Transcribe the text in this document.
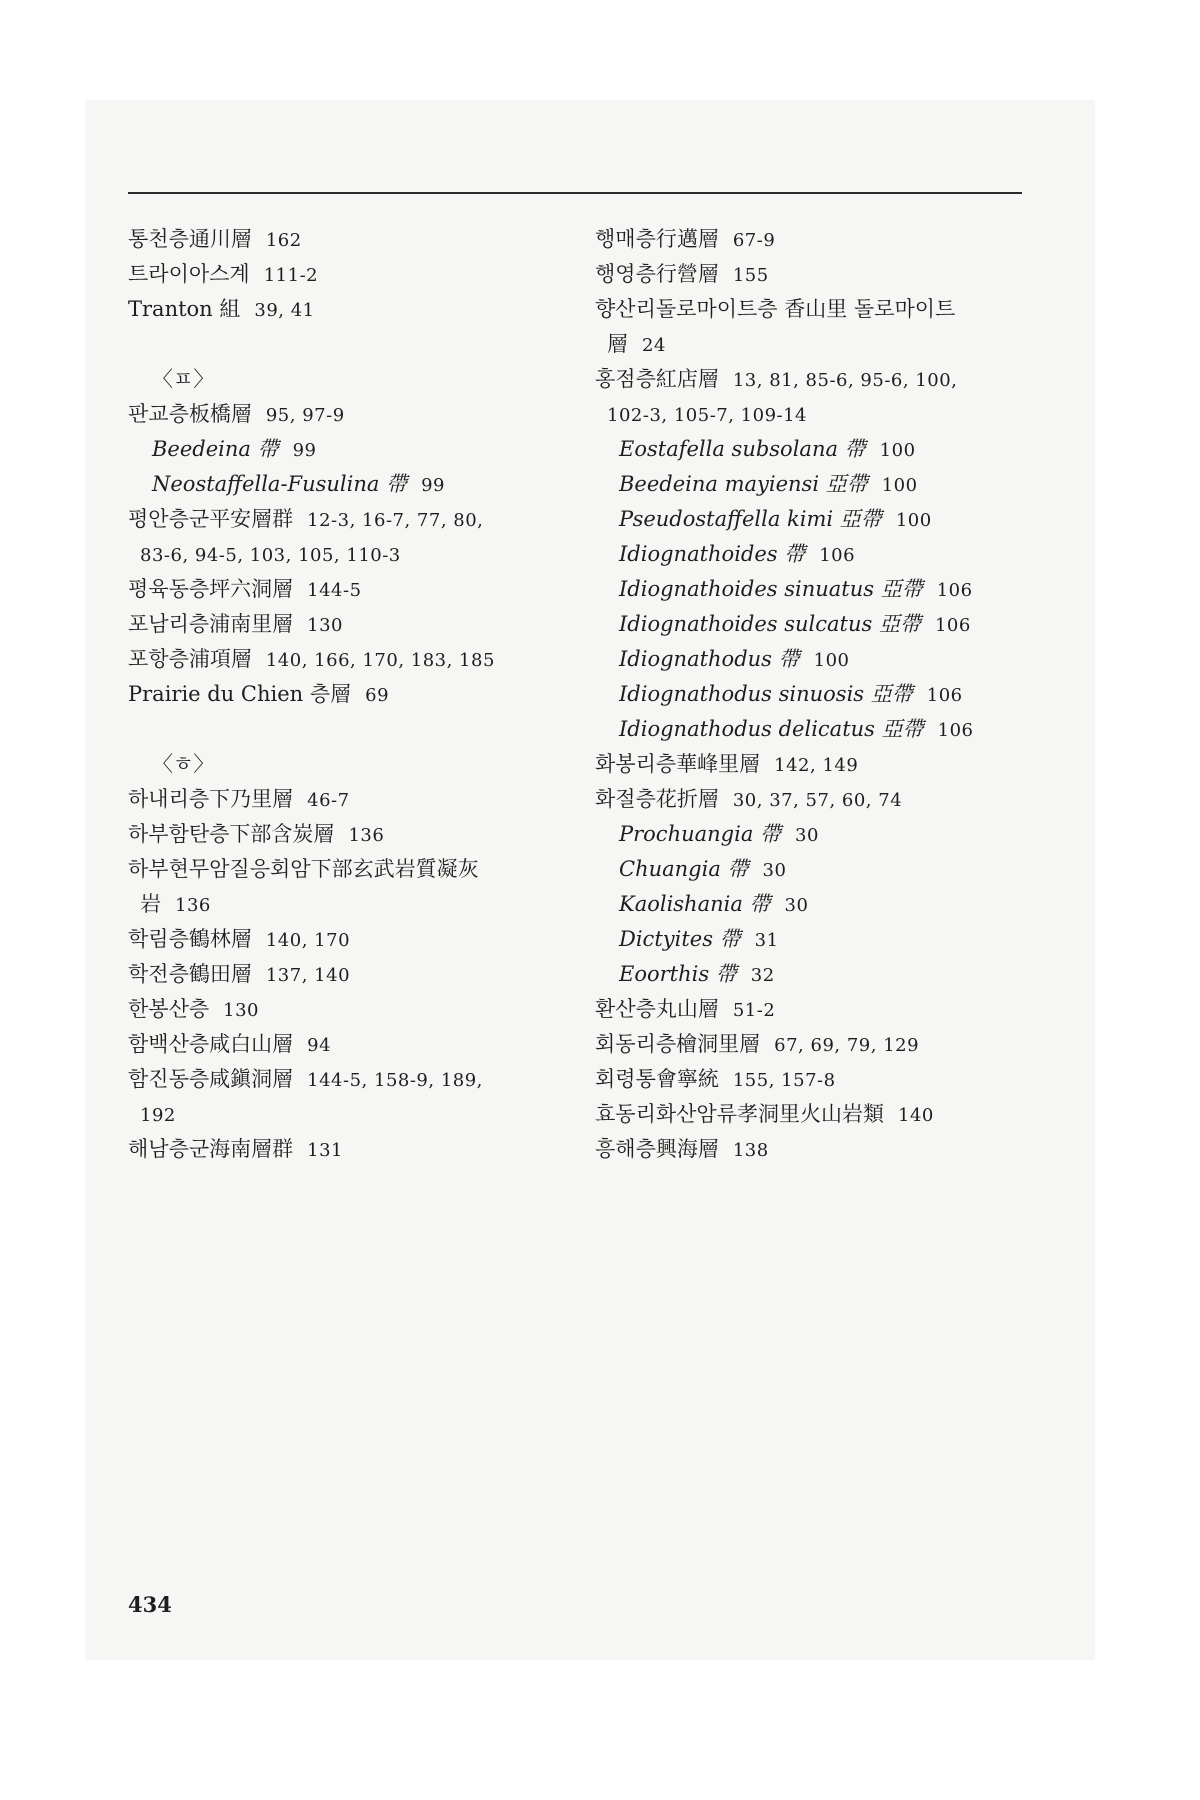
통천층通川層 162
트라이아스계 111-2
Tranton 組 39, 41
〈ㅍ〉
판교층板橋層 95, 97-9
Beedeina 帶 99
Neostaffella-Fusulina 帶 99
평안층군平安層群 12-3, 16-7, 77, 80,
83-6, 94-5, 103, 105, 110-3
평육동층坪六洞層 144-5
포남리층浦南里層 130
포항층浦項層 140, 166, 170, 183, 185
Prairie du Chien 층層 69
〈ㅎ〉
하내리층下乃里層 46-7
하부함탄층下部含炭層 136
하부현무암질응회암下部玄武岩質凝灰
岩 136
학림층鶴林層 140, 170
학전층鶴田層 137, 140
한봉산층 130
함백산층咸白山層 94
함진동층咸鎭洞層 144-5, 158-9, 189,
192
해남층군海南層群 131
행매층行邁層 67-9
행영층行營層 155
향산리돌로마이트층 香山里 돌로마이트
層 24
홍점층紅店層 13, 81, 85-6, 95-6, 100,
102-3, 105-7, 109-14
Eostafella subsolana 帶 100
Beedeina mayiensi 亞帶 100
Pseudostaffella kimi 亞帶 100
Idiognathoides 帶 106
Idiognathoides sinuatus 亞帶 106
Idiognathoides sulcatus 亞帶 106
Idiognathodus 帶 100
Idiognathodus sinuosis 亞帶 106
Idiognathodus delicatus 亞帶 106
화봉리층華峰里層 142, 149
화절층花折層 30, 37, 57, 60, 74
Prochuangia 帶 30
Chuangia 帶 30
Kaolishania 帶 30
Dictyites 帶 31
Eoorthis 帶 32
환산층丸山層 51-2
회동리층檜洞里層 67, 69, 79, 129
회령통會寧統 155, 157-8
효동리화산암류孝洞里火山岩類 140
흥해층興海層 138
434
